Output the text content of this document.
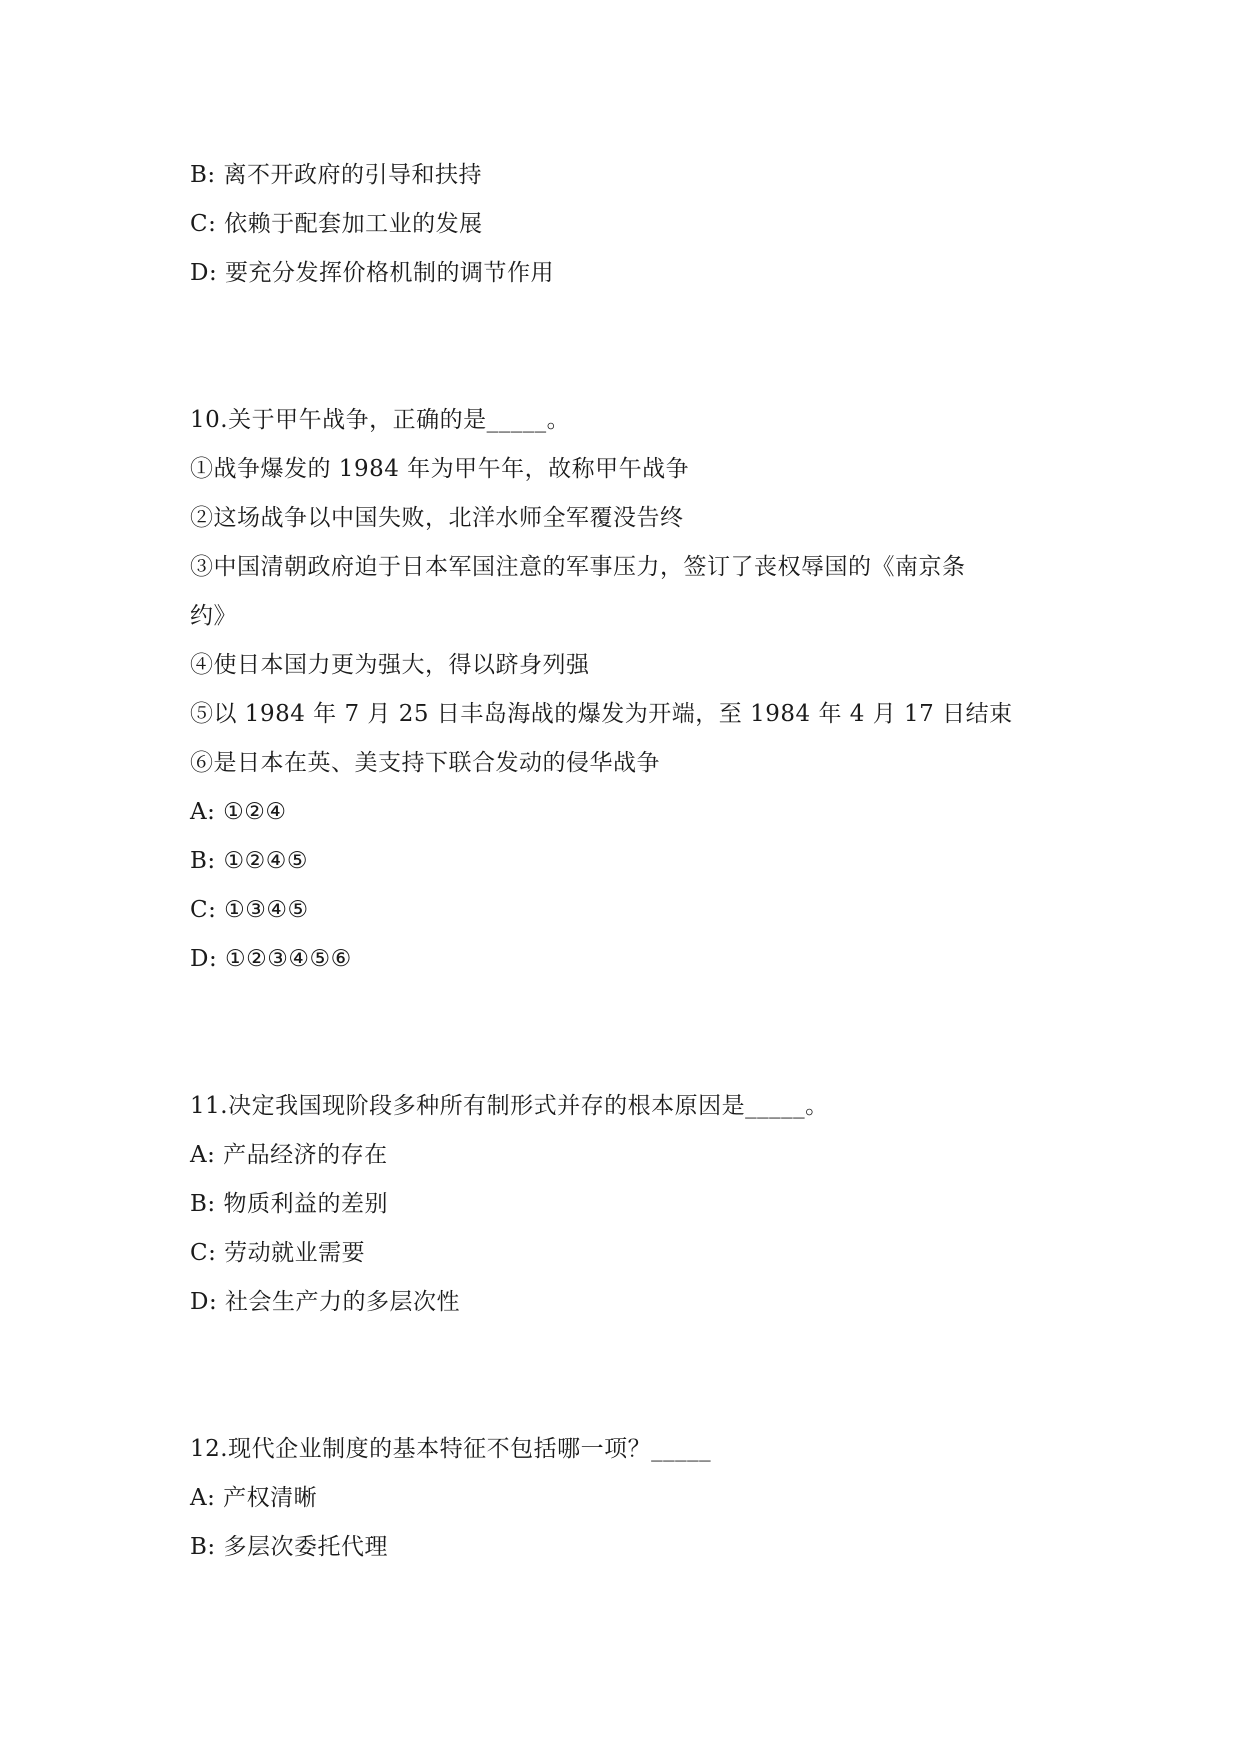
B: 离不开政府的引导和扶持
C: 依赖于配套加工业的发展
D: 要充分发挥价格机制的调节作用
10.关于甲午战争，正确的是_____。
①战争爆发的 1984 年为甲午年，故称甲午战争
②这场战争以中国失败，北洋水师全军覆没告终
③中国清朝政府迫于日本军国注意的军事压力，签订了丧权辱国的《南京条
约》
④使日本国力更为强大，得以跻身列强
⑤以 1984 年 7 月 25 日丰岛海战的爆发为开端，至 1984 年 4 月 17 日结束
⑥是日本在英、美支持下联合发动的侵华战争
A: ①②④
B: ①②④⑤
C: ①③④⑤
D: ①②③④⑤⑥
11.决定我国现阶段多种所有制形式并存的根本原因是_____。
A: 产品经济的存在
B: 物质利益的差别
C: 劳动就业需要
D: 社会生产力的多层次性
12.现代企业制度的基本特征不包括哪一项？_____
A: 产权清晰
B: 多层次委托代理
